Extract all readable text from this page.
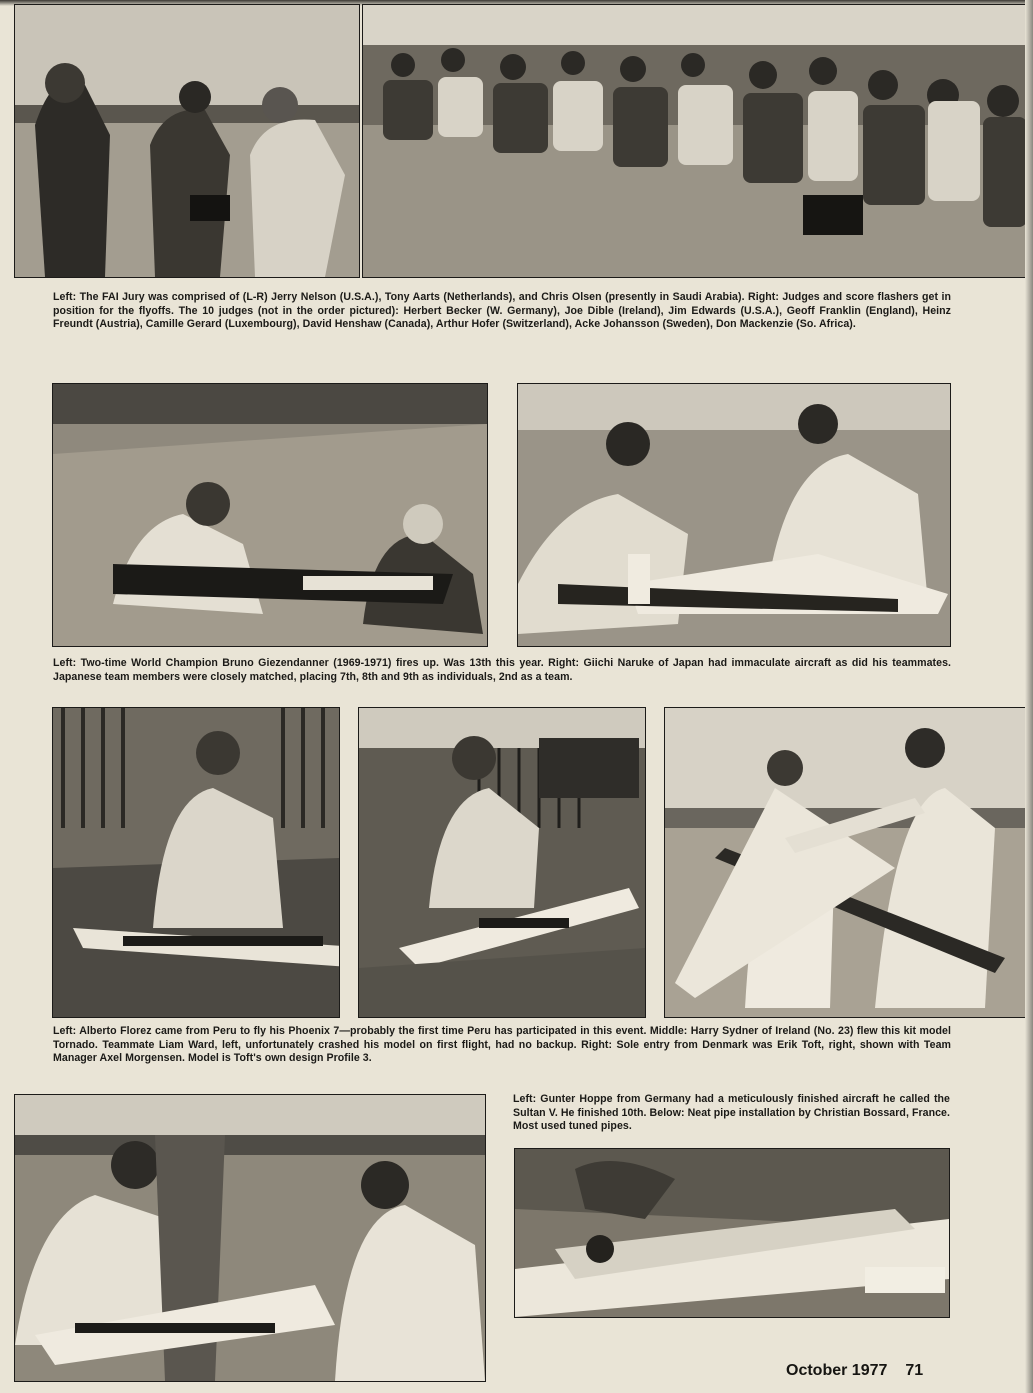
Left: The FAI Jury was comprised of (L-R) Jerry Nelson (U.S.A.), Tony Aarts (Netherlands), and Chris Olsen (presently in Saudi Arabia). Right: Judges and score flashers get in position for the flyoffs. The 10 judges (not in the order pictured): Herbert Becker (W. Germany), Joe Dible (Ireland), Jim Edwards (U.S.A.), Geoff Franklin (England), Heinz Freundt (Austria), Camille Gerard (Luxembourg), David Henshaw (Canada), Arthur Hofer (Switzerland), Acke Johansson (Sweden), Don Mackenzie (So. Africa).

Left: Two-time World Champion Bruno Giezendanner (1969-1971) fires up. Was 13th this year. Right: Giichi Naruke of Japan had immaculate aircraft as did his teammates. Japanese team members were closely matched, placing 7th, 8th and 9th as individuals, 2nd as a team.

Left: Alberto Florez came from Peru to fly his Phoenix 7—probably the first time Peru has participated in this event. Middle: Harry Sydner of Ireland (No. 23) flew this kit model Tornado. Teammate Liam Ward, left, unfortunately crashed his model on first flight, had no backup. Right: Sole entry from Denmark was Erik Toft, right, shown with Team Manager Axel Morgensen. Model is Toft's own design Profile 3.

Left: Gunter Hoppe from Germany had a meticulously finished aircraft he called the Sultan V. He finished 10th. Below: Neat pipe installation by Christian Bossard, France. Most used tuned pipes.

October 1977 71
